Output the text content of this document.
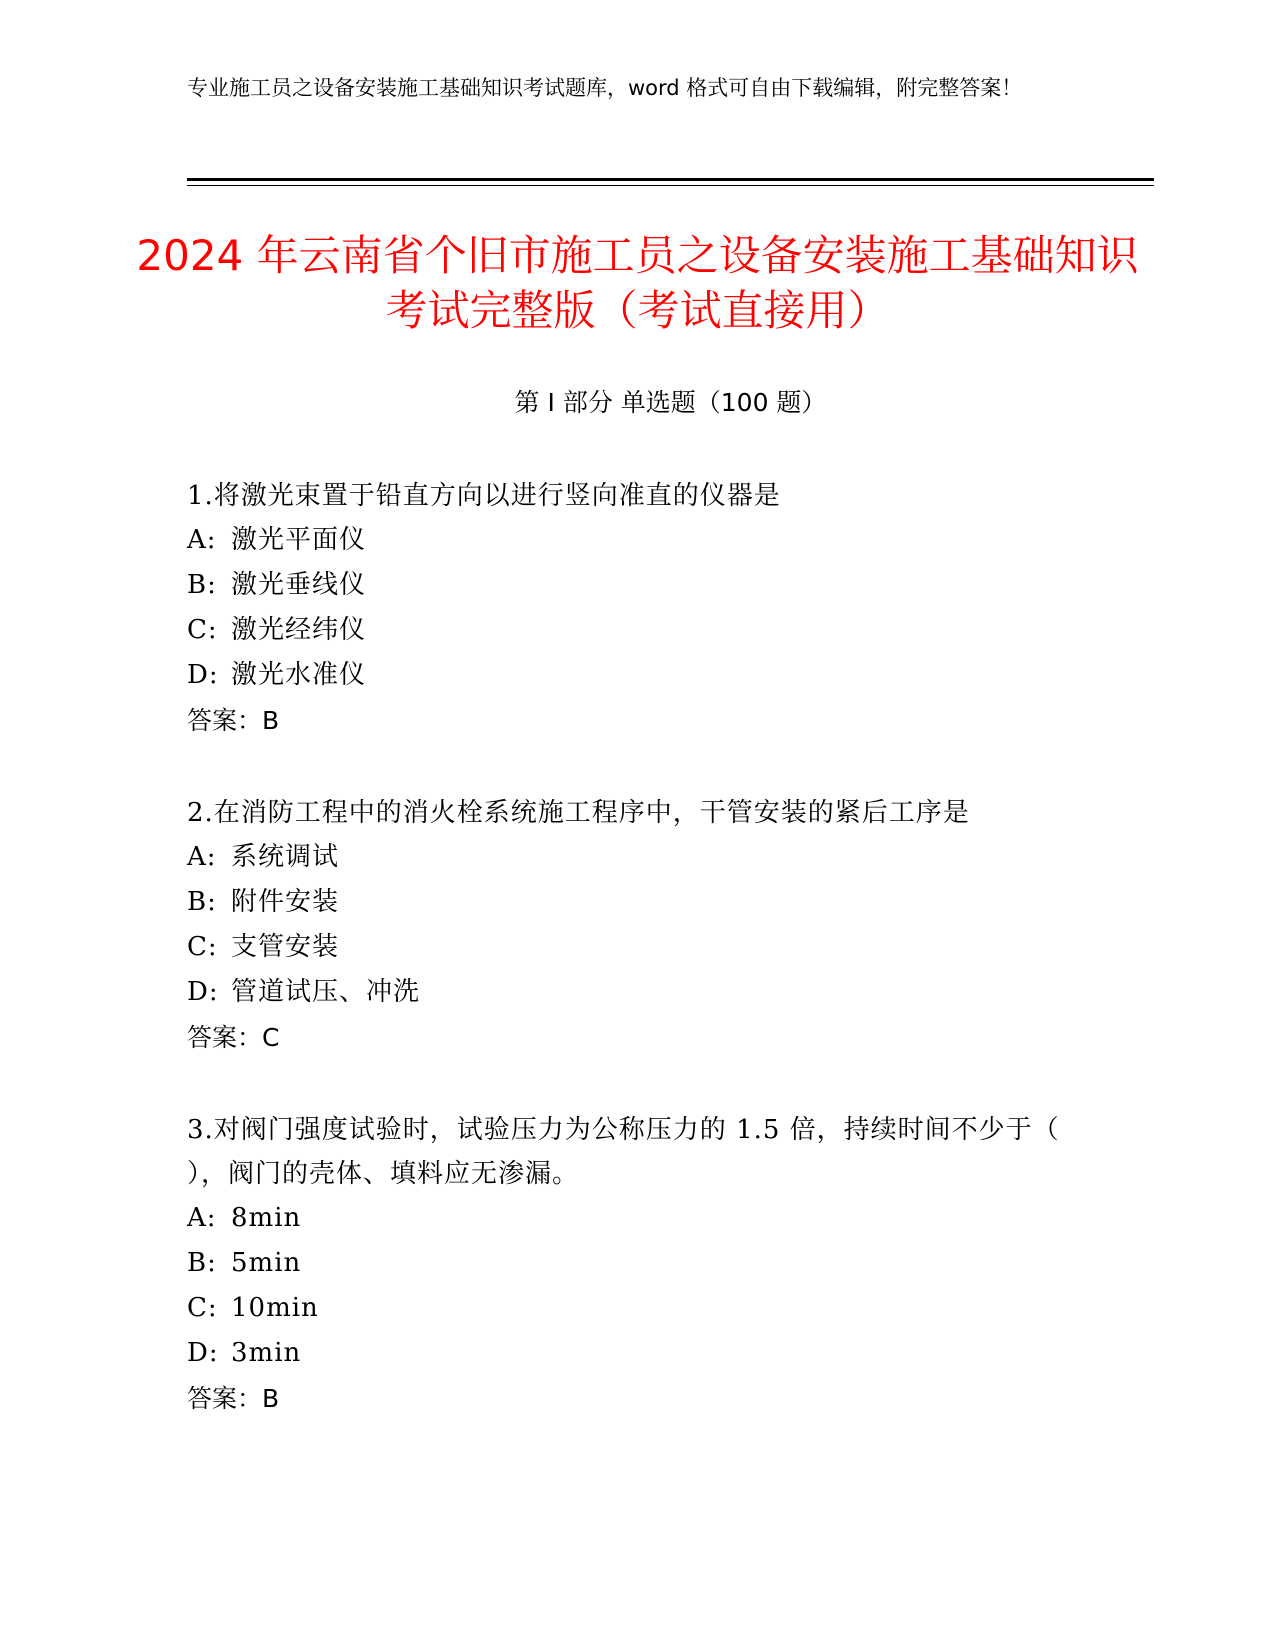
专业施工员之设备安装施工基础知识考试题库，word 格式可自由下载编辑，附完整答案！

2024 年云南省个旧市施工员之设备安装施工基础知识考试完整版（考试直接用）
第 I 部分 单选题（100 题）

1.将激光束置于铅直方向以进行竖向准直的仪器是

A: 激光平面仪

B: 激光垂线仪

C: 激光经纬仪

D: 激光水准仪

答案：B

2.在消防工程中的消火栓系统施工程序中，干管安装的紧后工序是

A: 系统调试

B: 附件安装

C: 支管安装

D: 管道试压、冲洗

答案：C

3.对阀门强度试验时，试验压力为公称压力的 1.5 倍，持续时间不少于（ ），阀门的壳体、填料应无渗漏。

A: 8min

B: 5min

C: 10min

D: 3min

答案：B
